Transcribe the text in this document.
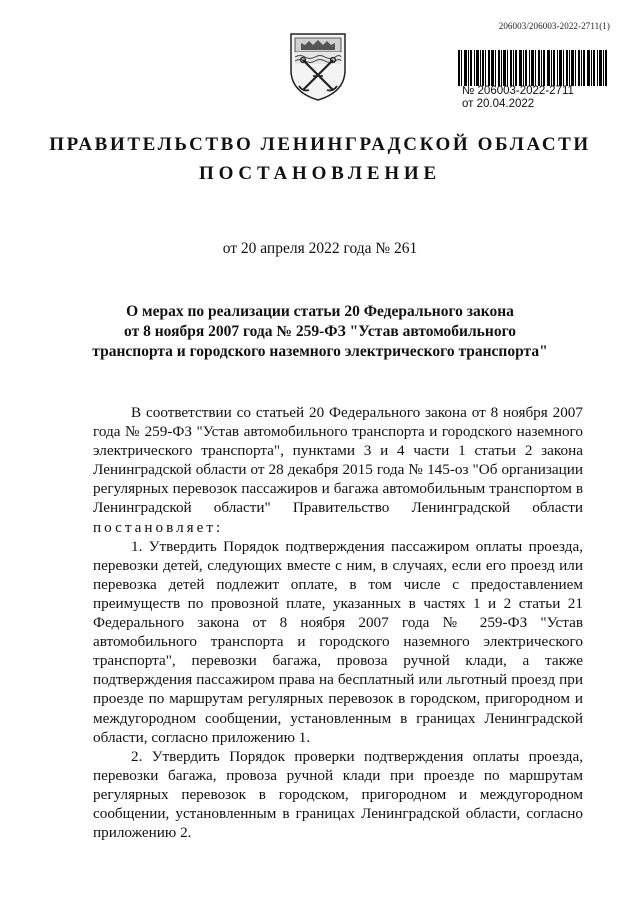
206003/206003-2022-2711(1)
№ 206003-2022-2711
от 20.04.2022
ПРАВИТЕЛЬСТВО ЛЕНИНГРАДСКОЙ ОБЛАСТИ
ПОСТАНОВЛЕНИЕ
от 20 апреля 2022 года № 261
О мерах по реализации статьи 20 Федерального закона
от 8 ноября 2007 года № 259-ФЗ "Устав автомобильного
транспорта и городского наземного электрического транспорта"

В соответствии со статьей 20 Федерального закона от 8 ноября 2007 года № 259-ФЗ "Устав автомобильного транспорта и городского наземного электрического транспорта", пунктами 3 и 4 части 1 статьи 2 закона Ленинградской области от 28 декабря 2015 года № 145-оз "Об организации регулярных перевозок пассажиров и багажа автомобильным транспортом в Ленинградской области" Правительство Ленинградской области постановляет:

1. Утвердить Порядок подтверждения пассажиром оплаты проезда, перевозки детей, следующих вместе с ним, в случаях, если его проезд или перевозка детей подлежит оплате, в том числе с предоставлением преимуществ по провозной плате, указанных в частях 1 и 2 статьи 21 Федерального закона от 8 ноября 2007 года № 259-ФЗ "Устав автомобильного транспорта и городского наземного электрического транспорта", перевозки багажа, провоза ручной клади, а также подтверждения пассажиром права на бесплатный или льготный проезд при проезде по маршрутам регулярных перевозок в городском, пригородном и междугородном сообщении, установленным в границах Ленинградской области, согласно приложению 1.

2. Утвердить Порядок проверки подтверждения оплаты проезда, перевозки багажа, провоза ручной клади при проезде по маршрутам регулярных перевозок в городском, пригородном и междугородном сообщении, установленным в границах Ленинградской области, согласно приложению 2.
